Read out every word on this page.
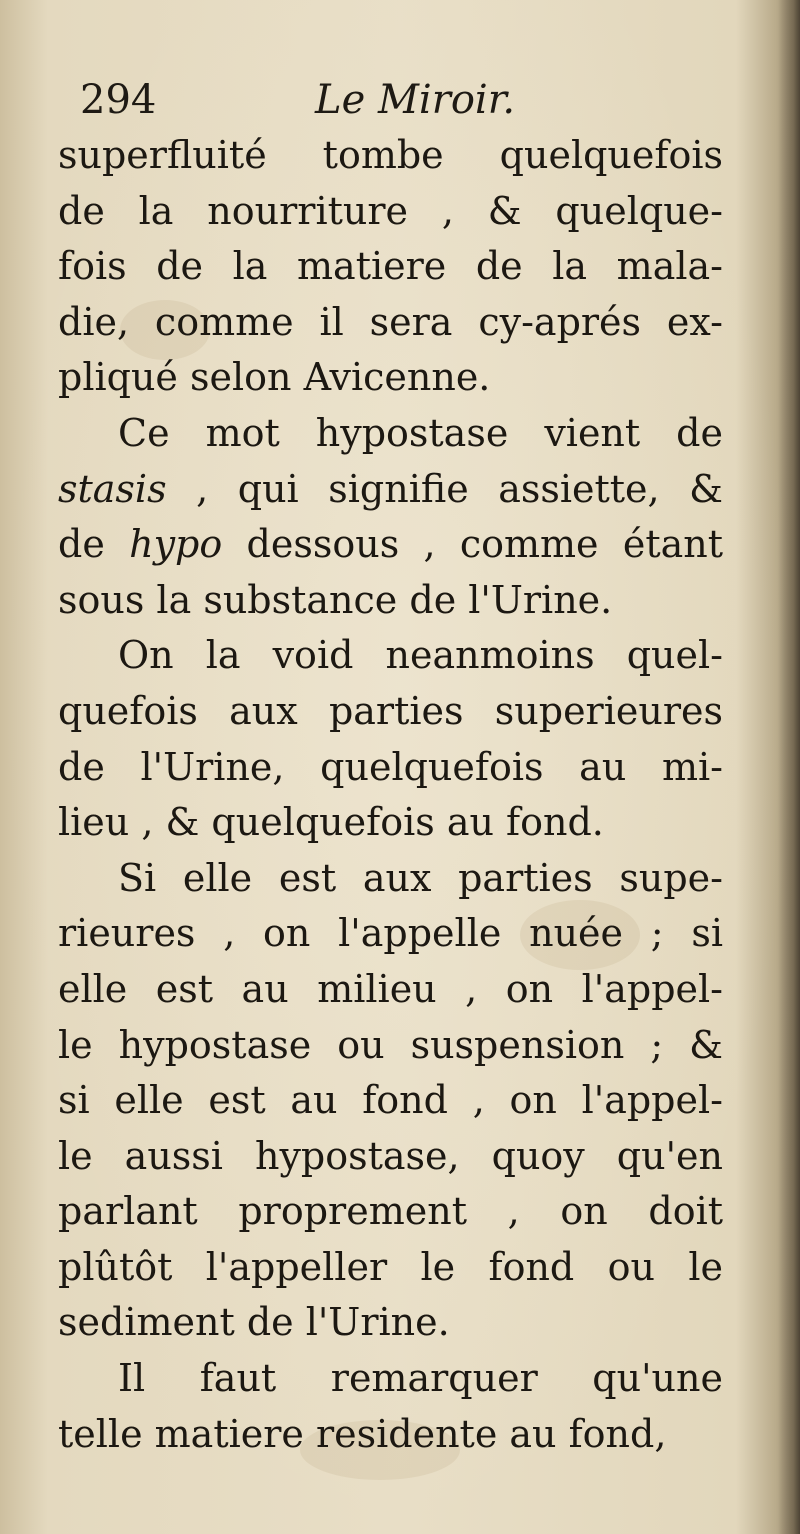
294	Le Miroir.
superfluité tombe quelquefois
de la nourriture , & quelque-
fois de la matiere de la mala-
die, comme il sera cy-aprés ex-
pliqué selon Avicenne.
Ce mot hypostase vient de
stasis , qui signifie assiette, &
de hypo dessous , comme étant
sous la substance de l'Urine.
On la void neanmoins quel-
quefois aux parties superieures
de l'Urine, quelquefois au mi-
lieu , & quelquefois au fond.
Si elle est aux parties supe-
rieures , on l'appelle nuée ; si
elle est au milieu , on l'appel-
le hypostase ou suspension ; &
si elle est au fond , on l'appel-
le aussi hypostase, quoy qu'en
parlant proprement , on doit
plûtôt l'appeller le fond ou le
sediment de l'Urine.
Il faut remarquer qu'une
telle matiere residente au fond,
